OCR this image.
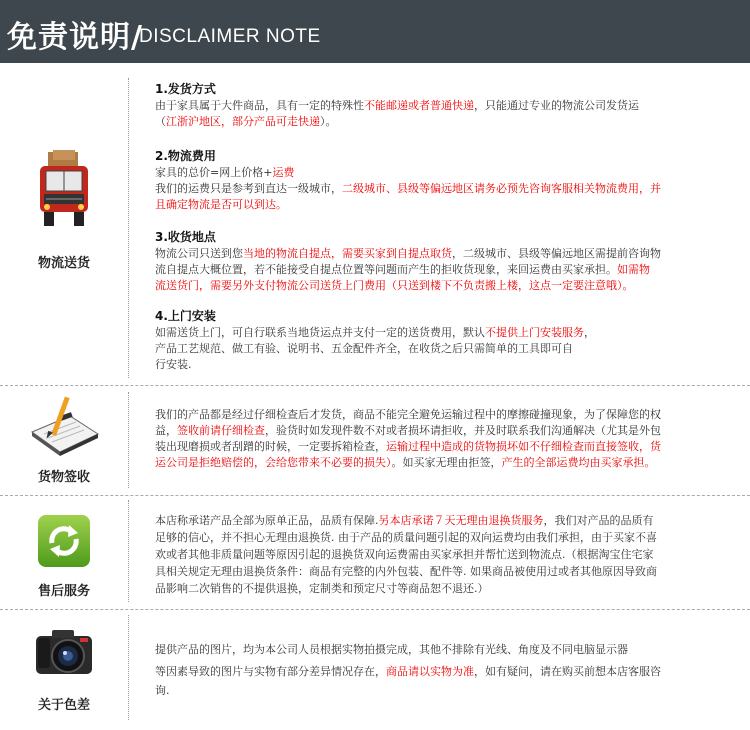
免责说明/
DISCLAIMER NOTE
物流送货

1.发货方式

由于家具属于大件商品，具有一定的特殊性不能邮递或者普通快递，只能通过专业的物流公司发货运

（江浙沪地区，部分产品可走快递）。

2.物流费用

家具的总价=网上价格+运费

我们的运费只是参考到直达一级城市，二级城市、县级等偏远地区请务必预先咨询客服相关物流费用，并

且确定物流是否可以到达。

3.收货地点

物流公司只送到您当地的物流自提点，需要买家到自提点取货，二级城市、县级等偏远地区需提前咨询物

流自提点大概位置，若不能接受自提点位置等问题而产生的拒收货现象，来回运费由买家承担。如需物

流送货门，需要另外支付物流公司送货上门费用（只送到楼下不负责搬上楼，这点一定要注意哦）。

4.上门安装

如需送货上门，可自行联系当地货运点并支付一定的送货费用，默认不提供上门安装服务，

产品工艺规范、做工有验、说明书、五金配件齐全，在收货之后只需简单的工具即可自

行安装.

货物签收

我们的产品都是经过仔细检查后才发货，商品不能完全避免运输过程中的摩擦碰撞现象，为了保障您的权

益，签收前请仔细检查，验货时如发现件数不对或者损坏请拒收，并及时联系我们沟通解决（尤其是外包

装出现磨损或者刮蹭的时候，一定要拆箱检查，运输过程中造成的货物损坏如不仔细检查而直接签收，货

运公司是拒绝赔偿的，会给您带来不必要的损失）。如买家无理由拒签，产生的全部运费均由买家承担。

售后服务

本店称承诺产品全部为原单正品，品质有保障.另本店承诺７天无理由退换货服务，我们对产品的品质有

足够的信心，并不担心无理由退换货. 由于产品的质量问题引起的双向运费均由我们承担，由于买家不喜

欢或者其他非质量问题等原因引起的退换货双向运费需由买家承担并帮忙送到物流点.（根据淘宝住宅家

具相关规定无理由退换货条件：商品有完整的内外包装、配件等. 如果商品被使用过或者其他原因导致商

品影响二次销售的不提供退换，定制类和预定尺寸等商品恕不退还.）

关于色差

提供产品的图片，均为本公司人员根据实物拍摄完成，其他不排除有光线、角度及不同电脑显示器

等因素导致的图片与实物有部分差异情况存在，商品请以实物为准，如有疑问，请在购买前想本店客服咨

询.
